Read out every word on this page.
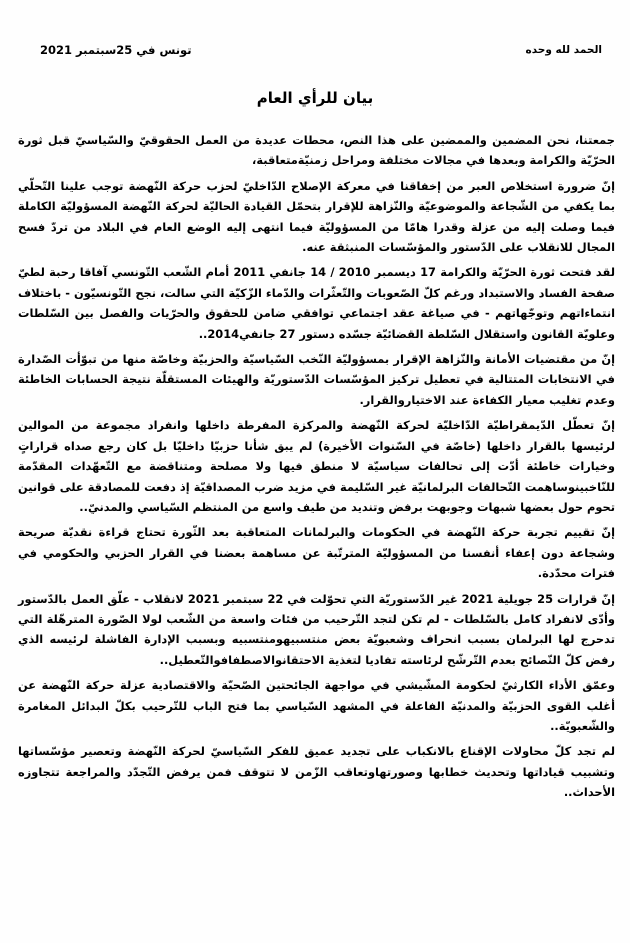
الحمد لله وحده
تونس في 25سبتمبر 2021
بيان للرأي العام

جمعتنا، نحن المضمين والممضين على هذا النص، محطات عديدة من العمل الحقوقيّ والسّياسيّ قبل ثورة الحرّيّة والكرامة وبعدها في مجالات مختلفة ومراحل زمنيّةمتعاقبة،

إنّ ضرورة استخلاص العبر من إخفاقنا في معركة الإصلاح الدّاخليّ لحزب حركة النّهضة توجب علينا التّحلّي بما يكفي من الشّجاعة والموضوعيّة والنّزاهة للإقرار بتحمّل القيادة الحاليّة لحركة النّهضة المسؤوليّة الكاملة فيما وصلت إليه من عزلة وقدرا هامّا من المسؤوليّة فيما انتهى إليه الوضع العام في البلاد من تردّ فسح المجال للانقلاب على الدّستور والمؤسّسات المنبثقة عنه.

لقد فتحت ثورة الحرّيّة والكرامة 17 ديسمبر 2010 / 14 جانفي 2011 أمام الشّعب التّونسي آفاقا رحبة لطيّ صفحة الفساد والاستبداد ورغم كلّ الصّعوبات والتّعثّرات والدّماء الزّكيّة التي سالت، نجح التّونسيّون - باختلاف انتماءاتهم وتوجّهاتهم - في صياغة عقد اجتماعي توافقي ضامن للحقوق والحرّيات والفصل بين السّلطات وعلويّة القانون واستقلال السّلطة القضائيّة جسّده دستور 27 جانفي2014..

إنّ من مقتضيات الأمانة والنّزاهة الإقرار بمسؤوليّة النّخب السّياسيّة والحزبيّة وخاصّة منها من تبوّأت الصّدارة في الانتخابات المتتالية في تعطيل تركيز المؤسّسات الدّستوريّة والهيئات المستقلّة نتيجة الحسابات الخاطئة وعدم تغليب معيار الكفاءة عند الاختياروالقرار.

إنّ تعطّل الدّيمقراطيّة الدّاخليّة لحركة النّهضة والمركزة المفرطة داخلها وانفراد مجموعة من الموالين لرئيسها بالقرار داخلها (خاصّة في السّنوات الأخيرة) لم يبق شأنا حزبيّا داخليّا بل كان رجع صداه قراراتٍ وخيارات خاطئة أدّت إلى تحالفات سياسيّة لا منطق فيها ولا مصلحة ومتناقضة مع التّعهّدات المقدّمة للنّاخبينوساهمت التّحالفات البرلمانيّة غير السّليمة في مزيد ضرب المصداقيّة إذ دفعت للمصادقة على قوانين تحوم حول بعضها شبهات وجوبهت برفض وتنديد من طيف واسع من المنتظم السّياسي والمدنيّ..

إنّ تقييم تجربة حركة النّهضة في الحكومات والبرلمانات المتعاقبة بعد الثّورة تحتاج قراءة نقديّة صريحة وشجاعة دون إعفاء أنفسنا من المسؤوليّة المترتّبة عن مساهمة بعضنا في القرار الحزبي والحكومي في فترات محدّدة.

إنّ قرارات 25 جويلية 2021 غير الدّستوريّة التي تحوّلت في 22 سبتمبر 2021 لانقلاب - علّق العمل بالدّستور وأدّى لانفراد كامل بالسّلطات - لم تكن لتجد التّرحيب من فئات واسعة من الشّعب لولا الصّورة المترهّلة التي تدحرج لها البرلمان بسبب انحراف وشعبويّة بعض منتسبيهومنتسبيه وبسبب الإدارة الفاشلة لرئيسه الذي رفض كلّ النّصائح بعدم التّرشّح لرئاسته تفاديا لتغذية الاحتقانوالاصطفافوالتّعطيل..

وعمّق الأداء الكارثيّ لحكومة المشّيشي في مواجهة الجائحتين الصّحيّة والاقتصادية عزلة حركة النّهضة عن أغلب القوى الحزبيّة والمدنيّة الفاعلة في المشهد السّياسي بما فتح الباب للتّرحيب بكلّ البدائل المغامرة والشّعبويّة..

لم تجد كلّ محاولات الإقناع بالانكباب على تجديد عميق للفكر السّياسيّ لحركة النّهضة وتعصير مؤسّساتها وتشبيب قياداتها وتحديث خطابها وصورتهاوتعاقب الزّمن لا تتوقف فمن يرفض التّجدّد والمراجعة تتجاوزه الأحداث..
